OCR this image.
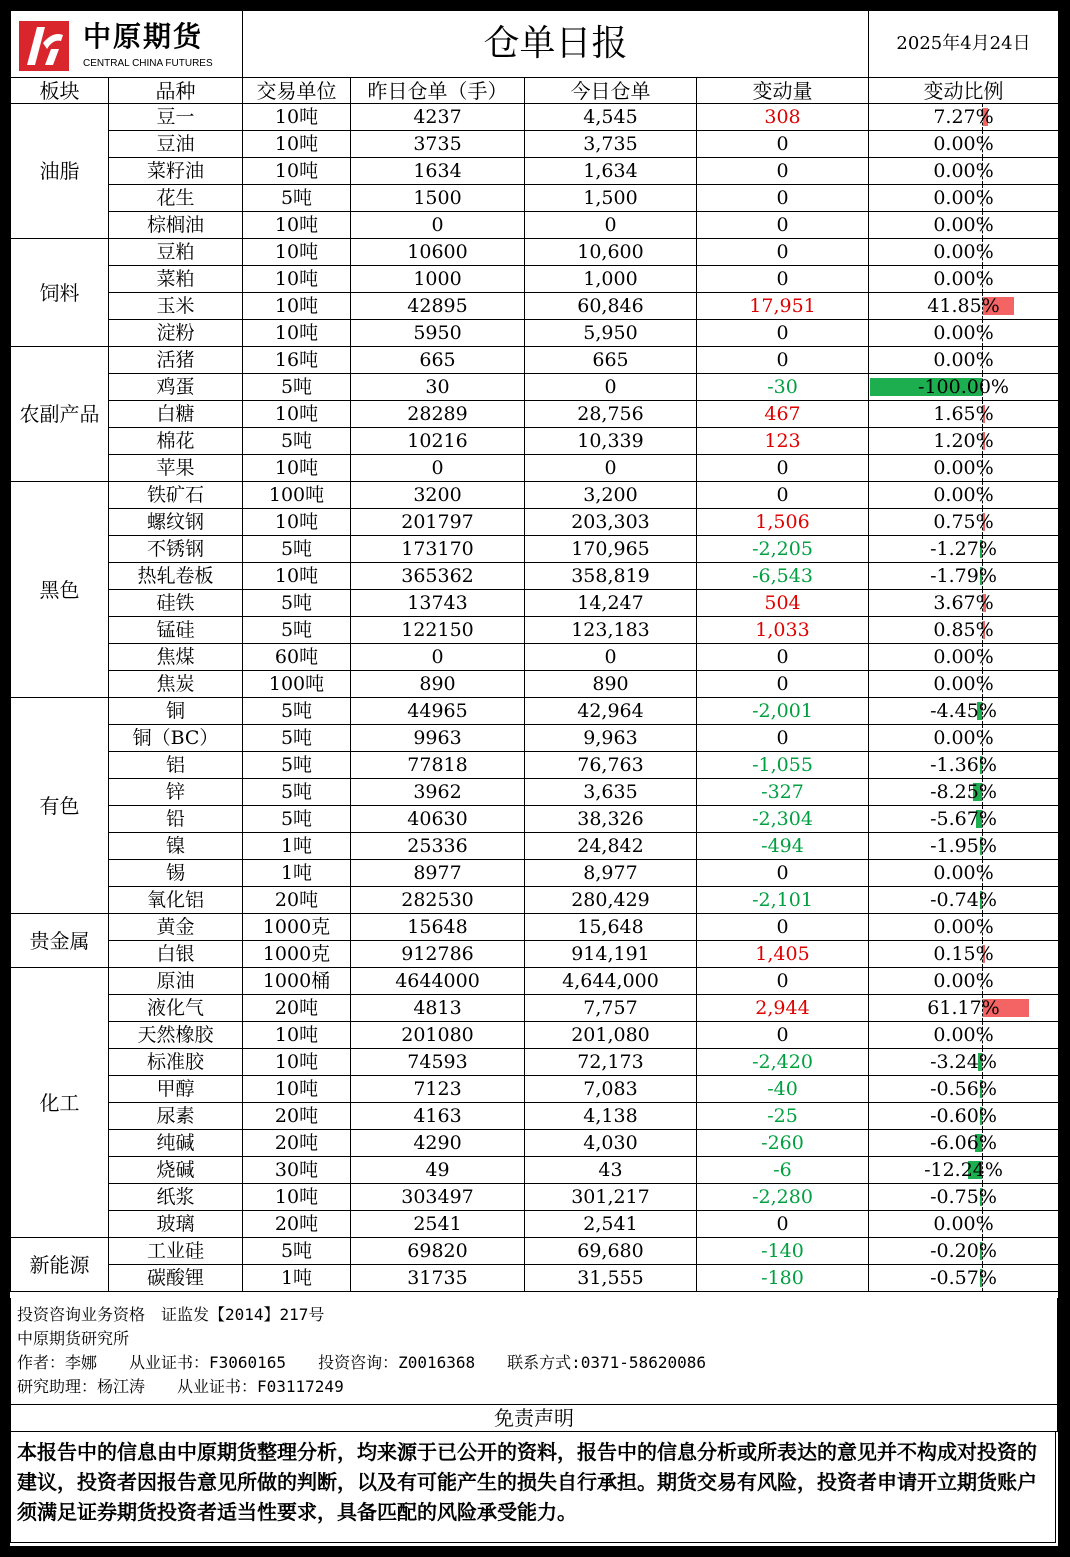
中原期货
CENTRAL CHINA FUTURES		仓单日报				2025年4月24日
板块	品种	交易单位	昨日仓单（手）	今日仓单	变动量	变动比例
油脂	豆一	10吨	4237	4,545	308	7.27%
	豆油	10吨	3735	3,735	0	0.00%
	菜籽油	10吨	1634	1,634	0	0.00%
	花生	5吨	1500	1,500	0	0.00%
	棕榈油	10吨	0	0	0	0.00%
饲料	豆粕	10吨	10600	10,600	0	0.00%
	菜粕	10吨	1000	1,000	0	0.00%
	玉米	10吨	42895	60,846	17,951	41.85%
	淀粉	10吨	5950	5,950	0	0.00%
农副产品	活猪	16吨	665	665	0	0.00%
	鸡蛋	5吨	30	0	-30	-100.00%
	白糖	10吨	28289	28,756	467	1.65%
	棉花	5吨	10216	10,339	123	1.20%
	苹果	10吨	0	0	0	0.00%
黑色	铁矿石	100吨	3200	3,200	0	0.00%
	螺纹钢	10吨	201797	203,303	1,506	0.75%
	不锈钢	5吨	173170	170,965	-2,205	-1.27%
	热轧卷板	10吨	365362	358,819	-6,543	-1.79%
	硅铁	5吨	13743	14,247	504	3.67%
	锰硅	5吨	122150	123,183	1,033	0.85%
	焦煤	60吨	0	0	0	0.00%
	焦炭	100吨	890	890	0	0.00%
有色	铜	5吨	44965	42,964	-2,001	-4.45%
	铜（BC）	5吨	9963	9,963	0	0.00%
	铝	5吨	77818	76,763	-1,055	-1.36%
	锌	5吨	3962	3,635	-327	-8.25%
	铅	5吨	40630	38,326	-2,304	-5.67%
	镍	1吨	25336	24,842	-494	-1.95%
	锡	1吨	8977	8,977	0	0.00%
	氧化铝	20吨	282530	280,429	-2,101	-0.74%
贵金属	黄金	1000克	15648	15,648	0	0.00%
	白银	1000克	912786	914,191	1,405	0.15%
化工	原油	1000桶	4644000	4,644,000	0	0.00%
	液化气	20吨	4813	7,757	2,944	61.17%
	天然橡胶	10吨	201080	201,080	0	0.00%
	标准胶	10吨	74593	72,173	-2,420	-3.24%
	甲醇	10吨	7123	7,083	-40	-0.56%
	尿素	20吨	4163	4,138	-25	-0.60%
	纯碱	20吨	4290	4,030	-260	-6.06%
	烧碱	30吨	49	43	-6	-12.24%
	纸浆	10吨	303497	301,217	-2,280	-0.75%
	玻璃	20吨	2541	2,541	0	0.00%
新能源	工业硅	5吨	69820	69,680	-140	-0.20%
	碳酸锂	1吨	31735	31,555	-180	-0.57%
投资咨询业务资格　证监发【2014】217号
中原期货研究所
作者：李娜　　从业证书：F3060165　　投资咨询：Z0016368　　联系方式:0371-58620086
研究助理：杨江涛　　从业证书：F03117249
免责声明
本报告中的信息由中原期货整理分析，均来源于已公开的资料，报告中的信息分析或所表达的意见并不构成对投资的建议，投资者因报告意见所做的判断，以及有可能产生的损失自行承担。期货交易有风险，投资者申请开立期货账户须满足证券期货投资者适当性要求，具备匹配的风险承受能力。
